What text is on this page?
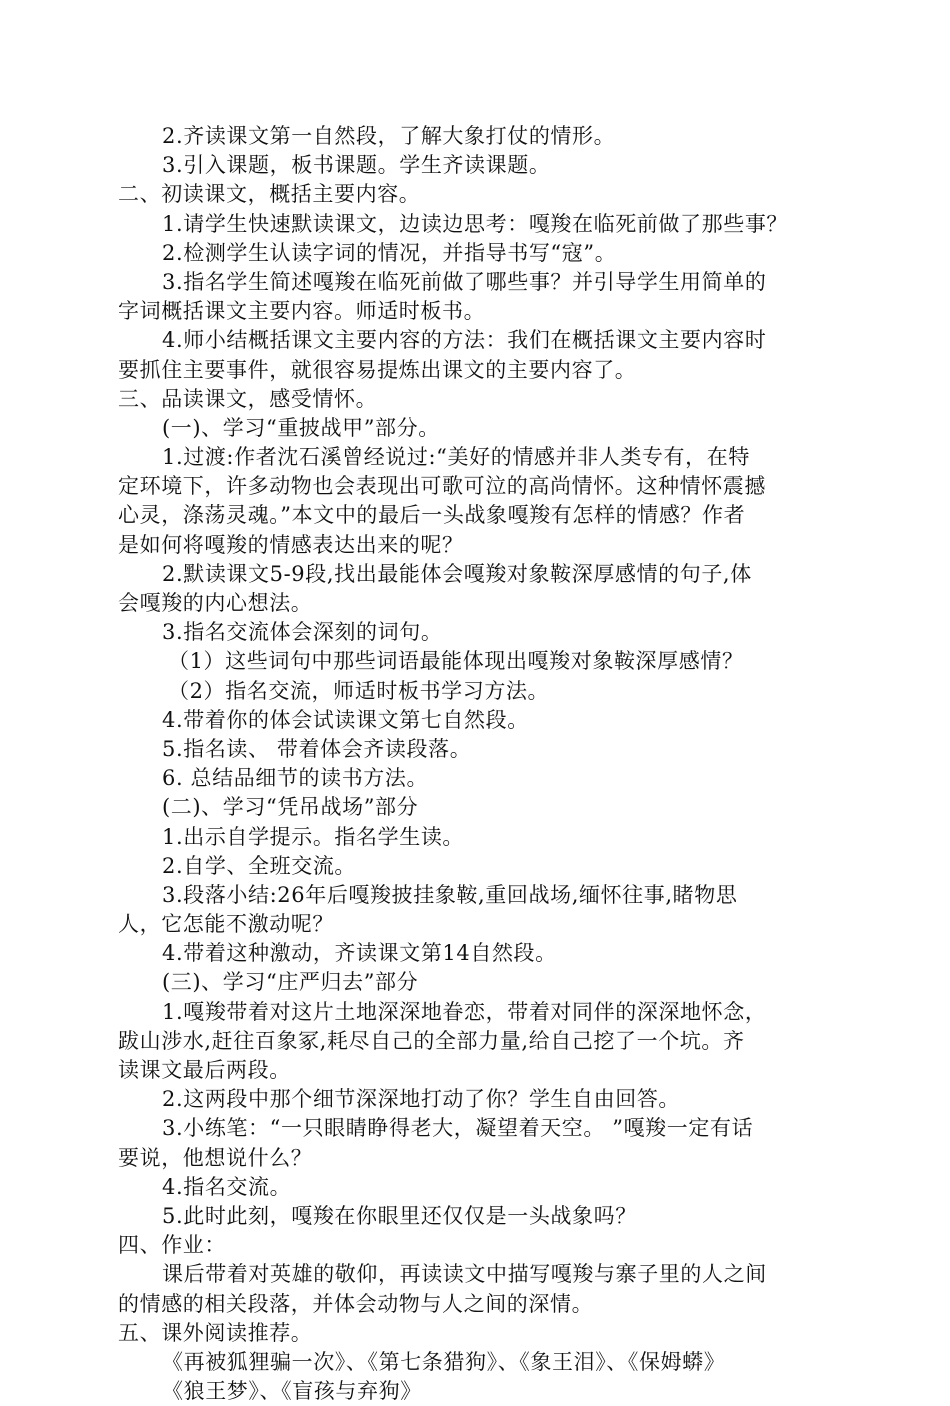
2.齐读课文第一自然段，了解大象打仗的情形。
3.引入课题，板书课题。学生齐读课题。
二、初读课文，概括主要内容。
1.请学生快速默读课文，边读边思考：嘎羧在临死前做了那些事？
2.检测学生认读字词的情况，并指导书写“寇”。
3.指名学生简述嘎羧在临死前做了哪些事？并引导学生用简单的
字词概括课文主要内容。师适时板书。
4.师小结概括课文主要内容的方法：我们在概括课文主要内容时
要抓住主要事件，就很容易提炼出课文的主要内容了。
三、品读课文，感受情怀。
(一)、学习“重披战甲”部分。
1.过渡:作者沈石溪曾经说过:“美好的情感并非人类专有，在特
定环境下，许多动物也会表现出可歌可泣的高尚情怀。这种情怀震撼
心灵，涤荡灵魂。”本文中的最后一头战象嘎羧有怎样的情感？作者
是如何将嘎羧的情感表达出来的呢？
2.默读课文5-9段,找出最能体会嘎羧对象鞍深厚感情的句子,体
会嘎羧的内心想法。
3.指名交流体会深刻的词句。
（1）这些词句中那些词语最能体现出嘎羧对象鞍深厚感情？
（2）指名交流，师适时板书学习方法。
4.带着你的体会试读课文第七自然段。
5.指名读、 带着体会齐读段落。
6. 总结品细节的读书方法。
(二)、学习“凭吊战场”部分
1.出示自学提示。指名学生读。
2.自学、全班交流。
3.段落小结:26年后嘎羧披挂象鞍,重回战场,缅怀往事,睹物思
人，它怎能不激动呢？
4.带着这种激动，齐读课文第14自然段。
(三)、学习“庄严归去”部分
1.嘎羧带着对这片土地深深地眷恋，带着对同伴的深深地怀念，
跋山涉水,赶往百象冢,耗尽自己的全部力量,给自己挖了一个坑。齐
读课文最后两段。
2.这两段中那个细节深深地打动了你？学生自由回答。
3.小练笔：“一只眼睛睁得老大，凝望着天空。 ”嘎羧一定有话
要说，他想说什么？
4.指名交流。
5.此时此刻，嘎羧在你眼里还仅仅是一头战象吗？
四、作业：
课后带着对英雄的敬仰，再读读文中描写嘎羧与寨子里的人之间
的情感的相关段落，并体会动物与人之间的深情。
五、课外阅读推荐。
《再被狐狸骗一次》、《第七条猎狗》、《象王泪》、《保姆蟒》
《狼王梦》、《盲孩与弃狗》
